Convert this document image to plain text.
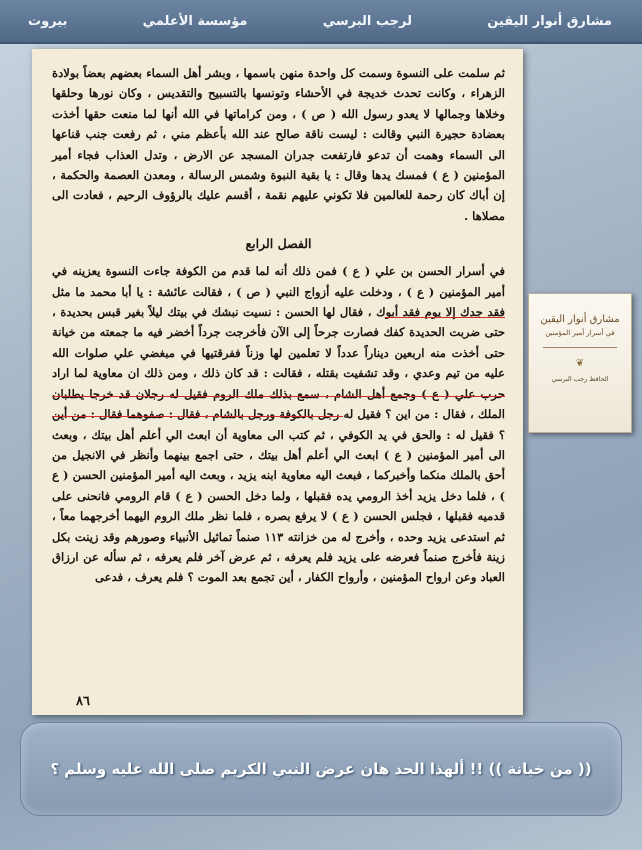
مشارق أنوار اليقين
لرجب البرسي
مؤسسة الأعلمي
بيروت

ثم سلمت على النسوة وسمت كل واحدة منهن باسمها ، وبشر أهل السماء بعضهم بعضاً بولادة الزهراء ، وكانت تحدث خديجة في الأحشاء وتونسها بالتسبيح والتقديس ، وكان نورها وحلقها وخلاها وجمالها لا يعدو رسول الله ( ص ) ، ومن كراماتها في الله أنها لما منعت حقها أخذت بعضادة حجيرة النبي وقالت : ليست ناقة صالح عند الله بأعظم مني ، ثم رفعت جنب قناعها الى السماء وهمت أن تدعو فارتفعت جدران المسجد عن الارض ، وتدل العذاب فجاء أمير المؤمنين ( ع ) فمسك يدها وقال : يا بقية النبوة وشمس الرسالة ، ومعدن العصمة والحكمة ، إن أباك كان رحمة للعالمين فلا تكوني عليهم نقمة ، أقسم عليك بالرؤوف الرحيم ، فعادت الى مصلاها .

الفصل الرابع

في أسرار الحسن بن علي ( ع ) فمن ذلك أنه لما قدم من الكوفة جاءت النسوة يعزينه في أمير المؤمنين ( ع ) ، ودخلت عليه أزواج النبي ( ص ) ، فقالت عائشة : يا أبا محمد ما مثل فقد جدك إلا يوم فقد أبوك ، فقال لها الحسن : نسيت نبشك في بيتك ليلاً بغير قبس بحديدة ، حتى ضربت الحديدة كفك فصارت جرحاً إلى الآن فأخرجت جرداً أخضر فيه ما جمعته من خيانة حتى أخذت منه اربعين ديناراً عدداً لا تعلمين لها وزناً ففرقتيها في مبغضي علي صلوات الله عليه من تيم وعدي ، وقد تشفيت بقتله ، فقالت : قد كان ذلك ، ومن ذلك ان معاوية لما اراد حرب علي ( ع ) وجمع أهل الشام ، سمع بذلك ملك الروم فقيل له رجلان قد خرجا يطلبان الملك ، فقال : من اين ؟ فقيل له رجل بالكوفة ورجل بالشام ، فقال : صفوهما فقال : من أين ؟ فقيل له : والحق في يد الكوفي ، ثم كتب الى معاوية أن ابعث الي أعلم أهل بيتك ، وبعث الى أمير المؤمنين ( ع ) ابعث الي أعلم أهل بيتك ، حتى اجمع بينهما وأنظر في الانجيل من أحق بالملك منكما وأخبركما ، فبعث اليه معاوية ابنه يزيد ، وبعث اليه أمير المؤمنين الحسن ( ع ) ، فلما دخل يزيد أخذ الرومي يده فقبلها ، ولما دخل الحسن ( ع ) قام الرومي فانحنى على قدميه فقبلها ، فجلس الحسن ( ع ) لا يرفع بصره ، فلما نظر ملك الروم اليهما أخرجهما معاً ، ثم استدعى يزيد وحده ، وأخرج له من خزانته ١١٣ صنماً تماثيل الأنبياء وصورهم وقد زينت بكل زينة فأخرج صنماً فعرضه على يزيد فلم يعرفه ، ثم عرض آخر فلم يعرفه ، ثم سأله عن ارزاق العباد وعن ارواح المؤمنين ، وأرواح الكفار ، أين تجمع بعد الموت ؟ فلم يعرف ، فدعى

٨٦
مشارق أنوار اليقين
في أسرار أمير المؤمنين
❦
الحافظ رجب البرسي
(( من خيانة )) !! ألهذا الحد هان عرض النبي الكريم صلى الله عليه وسلم ؟
